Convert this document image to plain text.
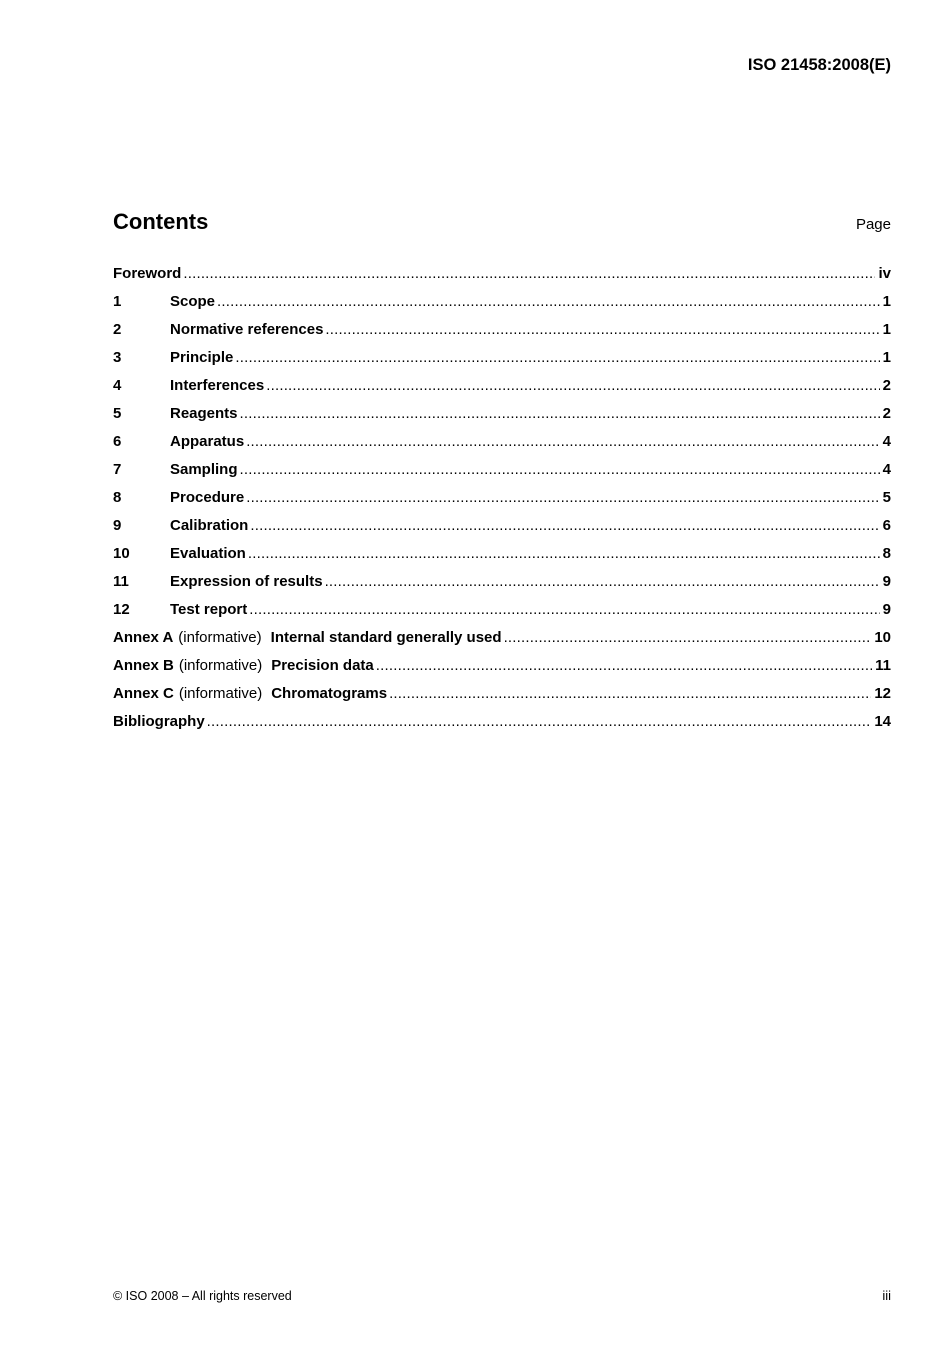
ISO 21458:2008(E)
Contents	Page
Foreword .....	iv
1	Scope .....	1
2	Normative references .....	1
3	Principle .....	1
4	Interferences .....	2
5	Reagents .....	2
6	Apparatus .....	4
7	Sampling .....	4
8	Procedure .....	5
9	Calibration .....	6
10	Evaluation .....	8
11	Expression of results .....	9
12	Test report .....	9
Annex A (informative) Internal standard generally used .....	10
Annex B (informative) Precision data .....	11
Annex C (informative) Chromatograms .....	12
Bibliography .....	14
© ISO 2008 – All rights reserved	iii
